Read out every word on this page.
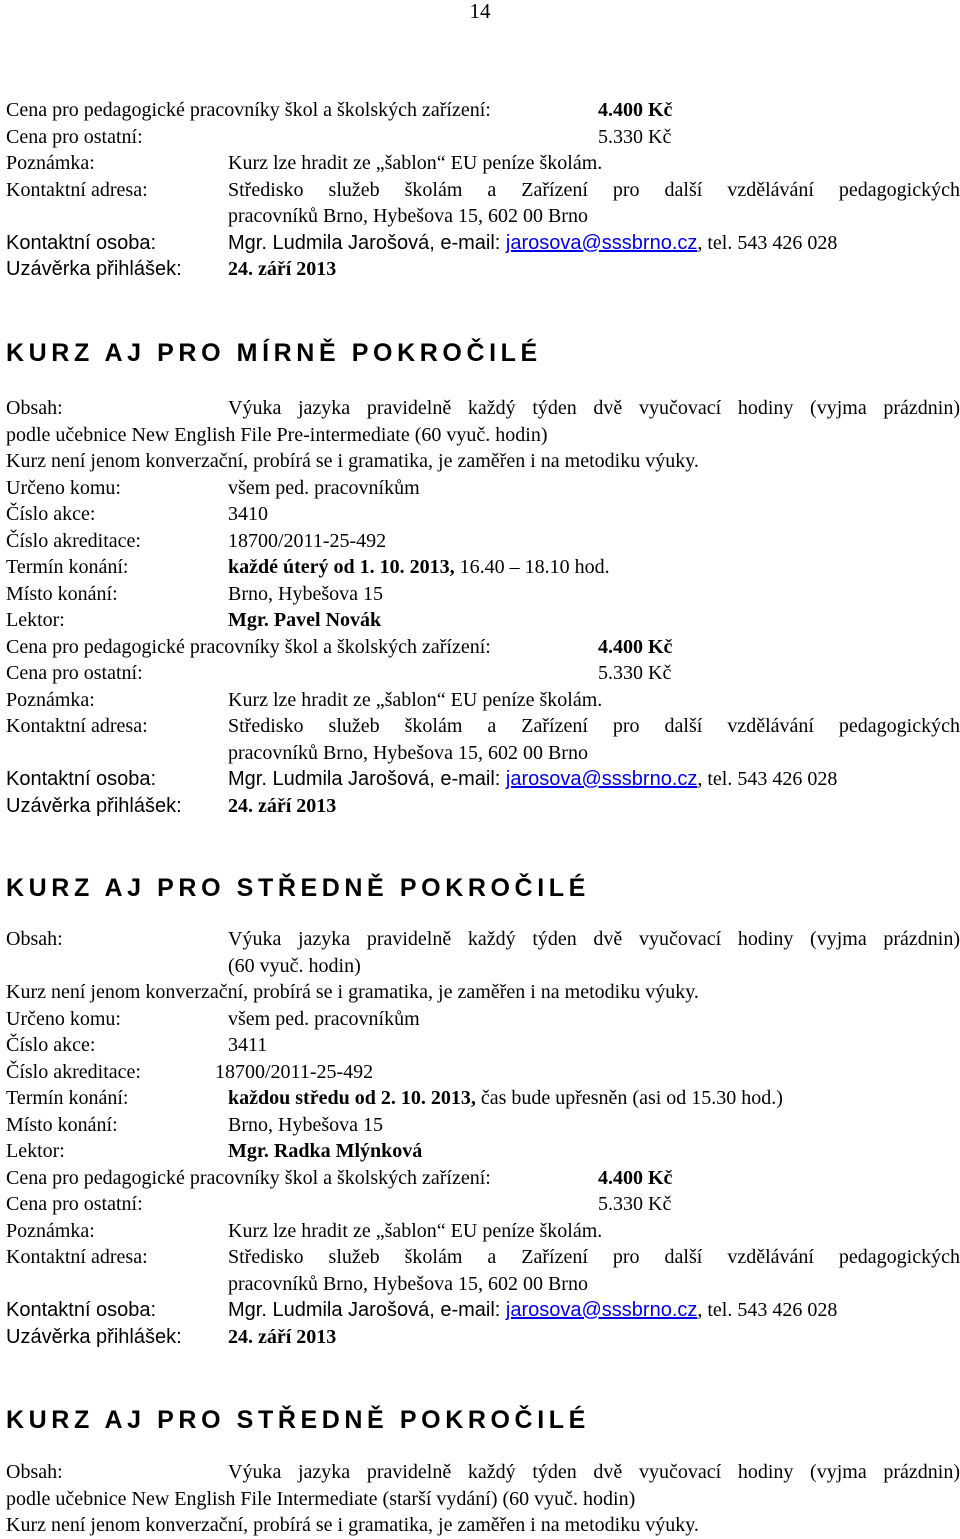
14
Cena pro pedagogické pracovníky škol a školských zařízení:	4.400 Kč
Cena pro ostatní:	5.330 Kč
Poznámka:	Kurz lze hradit ze „šablon“ EU peníze školám.
Kontaktní adresa:	Středisko služeb školám a Zařízení pro další vzdělávání pedagogických
pracovníků Brno, Hybešova 15, 602 00 Brno
Kontaktní osoba:	Mgr. Ludmila Jarošová, e-mail: jarosova@sssbrno.cz, tel. 543 426 028
Uzávěrka přihlášek: 24. září 2013
KURZ AJ PRO MÍRNĚ POKROČILÉ
Obsah:	Výuka jazyka pravidelně každý týden dvě vyučovací hodiny (vyjma prázdnin)
podle učebnice New English File Pre-intermediate (60 vyuč. hodin)
Kurz není jenom konverzační, probírá se i gramatika, je zaměřen i na metodiku výuky.
Určeno komu:	všem ped. pracovníkům
Číslo akce:	3410
Číslo akreditace:	18700/2011-25-492
Termín konání:	každé úterý od 1. 10. 2013, 16.40 – 18.10 hod.
Místo konání:	Brno, Hybešova 15
Lektor:	Mgr. Pavel Novák
Cena pro pedagogické pracovníky škol a školských zařízení:	4.400 Kč
Cena pro ostatní:	5.330 Kč
Poznámka:	Kurz lze hradit ze „šablon“ EU peníze školám.
Kontaktní adresa:	Středisko služeb školám a Zařízení pro další vzdělávání pedagogických
pracovníků Brno, Hybešova 15, 602 00 Brno
Kontaktní osoba:	Mgr. Ludmila Jarošová, e-mail: jarosova@sssbrno.cz, tel. 543 426 028
Uzávěrka přihlášek: 24. září 2013
KURZ AJ PRO STŘEDNĚ POKROČILÉ
Obsah:	Výuka jazyka pravidelně každý týden dvě vyučovací hodiny (vyjma prázdnin)
(60 vyuč. hodin)
Kurz není jenom konverzační, probírá se i gramatika, je zaměřen i na metodiku výuky.
Určeno komu:	všem ped. pracovníkům
Číslo akce:	3411
Číslo akreditace:	18700/2011-25-492
Termín konání:	každou středu od 2. 10. 2013, čas bude upřesněn (asi od 15.30 hod.)
Místo konání:	Brno, Hybešova 15
Lektor:	Mgr. Radka Mlýnková
Cena pro pedagogické pracovníky škol a školských zařízení:	4.400 Kč
Cena pro ostatní:	5.330 Kč
Poznámka:	Kurz lze hradit ze „šablon“ EU peníze školám.
Kontaktní adresa:	Středisko služeb školám a Zařízení pro další vzdělávání pedagogických
pracovníků Brno, Hybešova 15, 602 00 Brno
Kontaktní osoba:	Mgr. Ludmila Jarošová, e-mail: jarosova@sssbrno.cz, tel. 543 426 028
Uzávěrka přihlášek: 24. září 2013
KURZ AJ PRO STŘEDNĚ POKROČILÉ
Obsah:	Výuka jazyka pravidelně každý týden dvě vyučovací hodiny (vyjma prázdnin)
podle učebnice New English File Intermediate (starší vydání) (60 vyuč. hodin)
Kurz není jenom konverzační, probírá se i gramatika, je zaměřen i na metodiku výuky.
